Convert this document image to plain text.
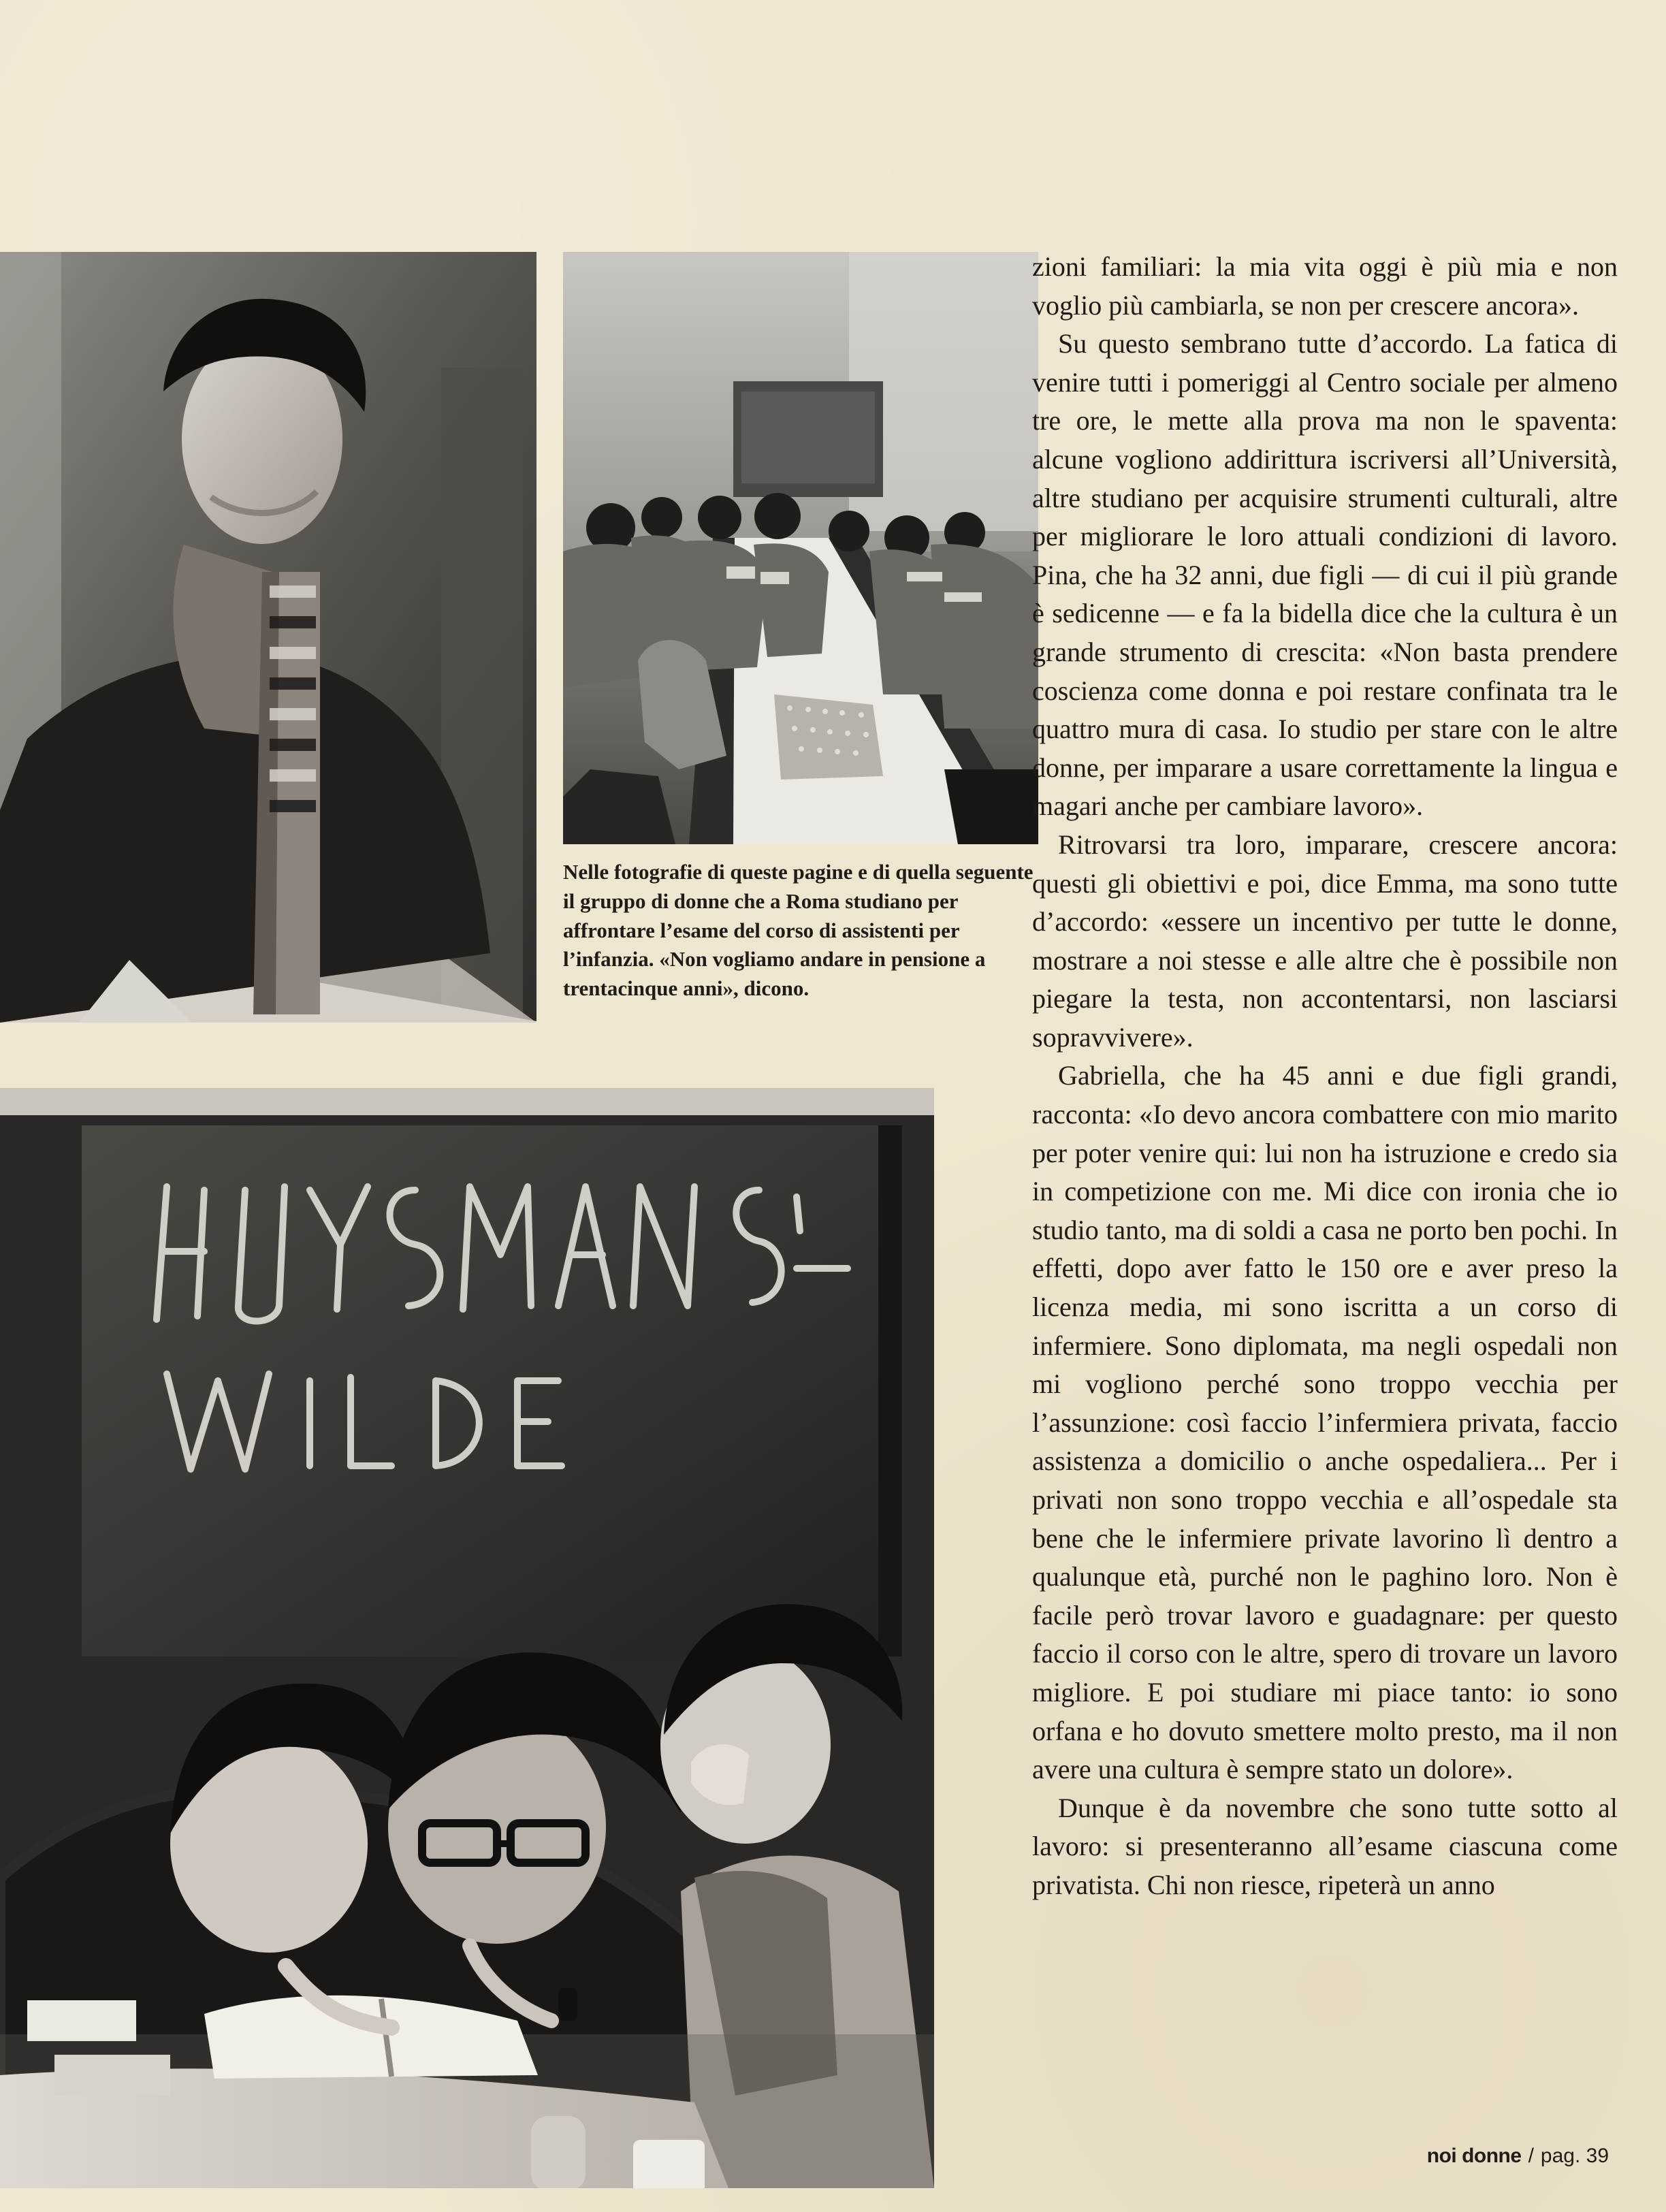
Nelle fotografie di queste pagine e di quella seguente il gruppo di donne che a Roma studiano per affrontare l’esame del corso di assistenti per l’infanzia. «Non vogliamo andare in pensione a trentacinque anni», dicono.

zioni familiari: la mia vita oggi è più mia e non voglio più cambiarla, se non per crescere ancora».

Su questo sembrano tutte d’accordo. La fatica di venire tutti i pomeriggi al Centro sociale per almeno tre ore, le mette alla prova ma non le spaventa: alcune vogliono addirittura iscriversi all’Università, altre studiano per acquisire strumenti culturali, altre per migliorare le loro attuali condizioni di lavoro. Pina, che ha 32 anni, due figli — di cui il più grande è sedicenne — e fa la bidella dice che la cultura è un grande strumento di crescita: «Non basta prendere coscienza come donna e poi restare confinata tra le quattro mura di casa. Io studio per stare con le altre donne, per imparare a usare correttamente la lingua e magari anche per cambiare lavoro».

Ritrovarsi tra loro, imparare, crescere ancora: questi gli obiettivi e poi, dice Emma, ma sono tutte d’accordo: «essere un incentivo per tutte le donne, mostrare a noi stesse e alle altre che è possibile non piegare la testa, non accontentarsi, non lasciarsi sopravvivere».

Gabriella, che ha 45 anni e due figli grandi, racconta: «Io devo ancora combattere con mio marito per poter venire qui: lui non ha istruzione e credo sia in competizione con me. Mi dice con ironia che io studio tanto, ma di soldi a casa ne porto ben pochi. In effetti, dopo aver fatto le 150 ore e aver preso la licenza media, mi sono iscritta a un corso di infermiere. Sono diplomata, ma negli ospedali non mi vogliono perché sono troppo vecchia per l’assunzione: così faccio l’infermiera privata, faccio assistenza a domicilio o anche ospedaliera... Per i privati non sono troppo vecchia e all’ospedale sta bene che le infermiere private lavorino lì dentro a qualunque età, purché non le paghino loro. Non è facile però trovar lavoro e guadagnare: per questo faccio il corso con le altre, spero di trovare un lavoro migliore. E poi studiare mi piace tanto: io sono orfana e ho dovuto smettere molto presto, ma il non avere una cultura è sempre stato un dolore».

Dunque è da novembre che sono tutte sotto al lavoro: si presenteranno all’esame ciascuna come privatista. Chi non riesce, ripeterà un anno

noi donne / pag. 39
